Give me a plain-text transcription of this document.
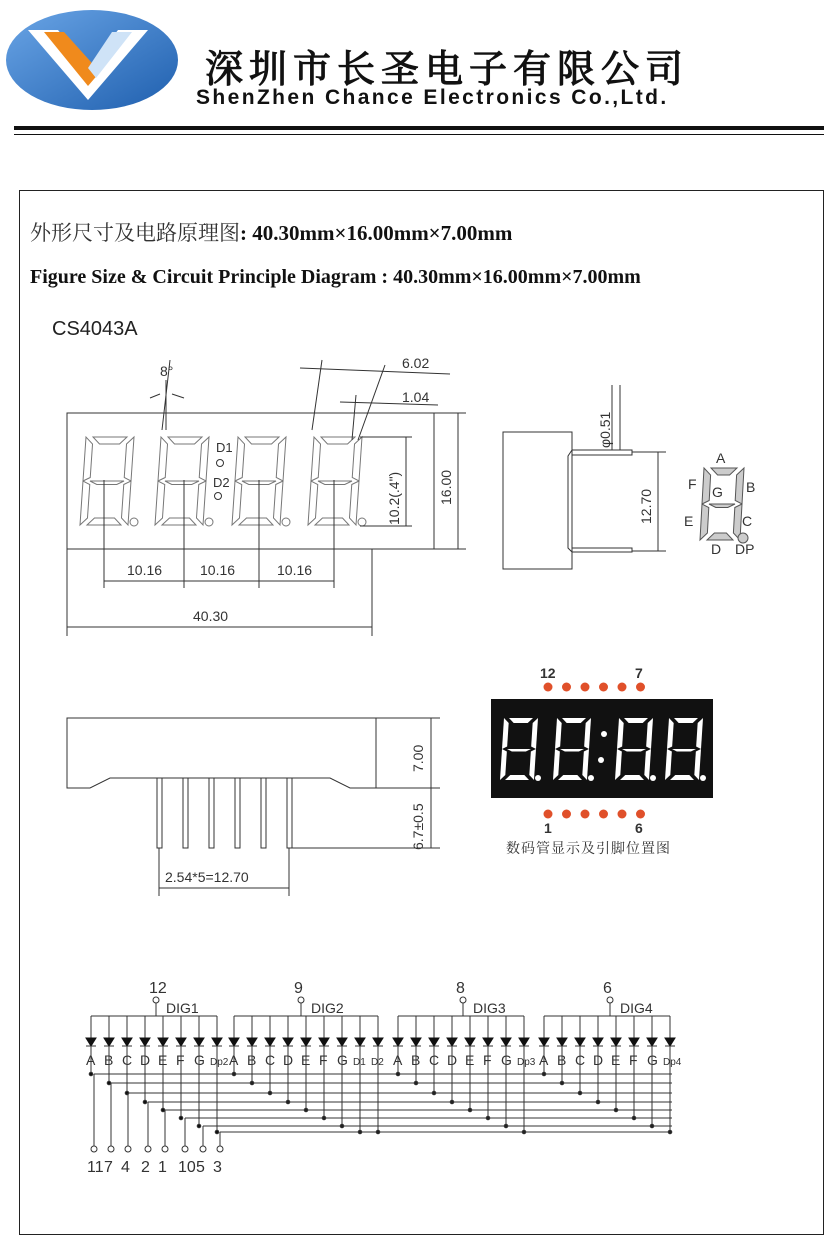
深圳市长圣电子有限公司
ShenZhen Chance Electronics Co.,Ltd.
外形尺寸及电路原理图: 40.30mm×16.00mm×7.00mm
Figure Size & Circuit Principle Diagram : 40.30mm×16.00mm×7.00mm
CS4043A
D1
D2
8°	6.02
1.04
10.2(.4")	16.00
10.16	10.16	10.16
40.30
φ0.51
12.70
A
B
C
D
E
F G
DP
7.00
6.7±0.5
2.54*5=12.70
12	7
1	6
12
DIG1
A B C D E F G Dp2
9
DIG2
A B C D E F G D1 D2
8
DIG3
A B C D E F G Dp3
6
DIG4
A B C D E F G Dp4
11 7 4 2 1 10 5 3
数码管显示及引脚位置图
